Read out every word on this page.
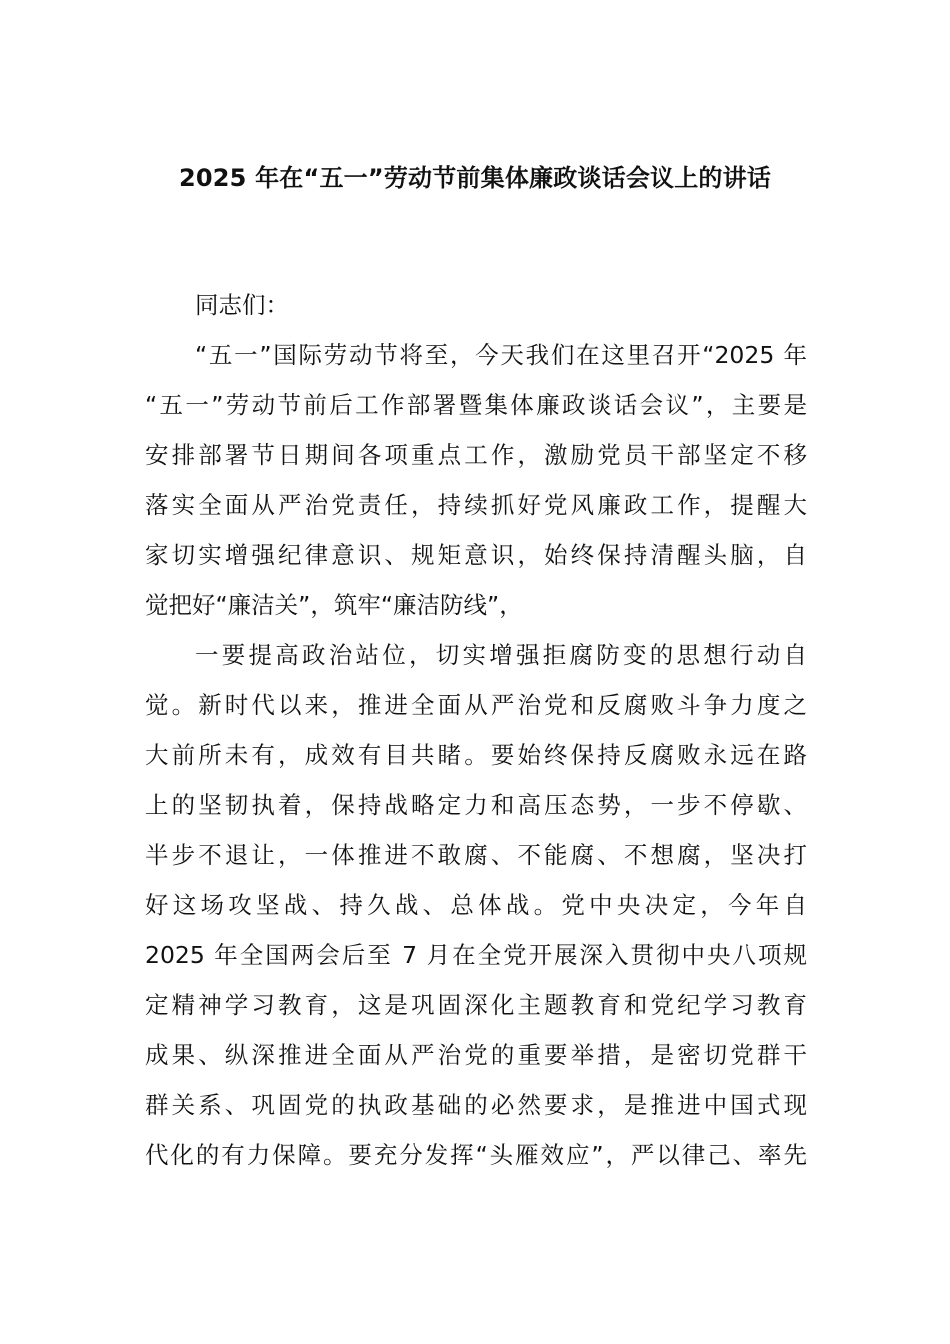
2025 年在“五一”劳动节前集体廉政谈话会议上的讲话
同志们：
“五一”国际劳动节将至，今天我们在这里召开“2025 年
“五一”劳动节前后工作部署暨集体廉政谈话会议”，主要是
安排部署节日期间各项重点工作，激励党员干部坚定不移
落实全面从严治党责任，持续抓好党风廉政工作，提醒大
家切实增强纪律意识、规矩意识，始终保持清醒头脑，自
觉把好“廉洁关”，筑牢“廉洁防线”，
一要提高政治站位，切实增强拒腐防变的思想行动自
觉。新时代以来，推进全面从严治党和反腐败斗争力度之
大前所未有，成效有目共睹。要始终保持反腐败永远在路
上的坚韧执着，保持战略定力和高压态势，一步不停歇、
半步不退让，一体推进不敢腐、不能腐、不想腐，坚决打
好这场攻坚战、持久战、总体战。党中央决定，今年自
2025 年全国两会后至 7 月在全党开展深入贯彻中央八项规
定精神学习教育，这是巩固深化主题教育和党纪学习教育
成果、纵深推进全面从严治党的重要举措，是密切党群干
群关系、巩固党的执政基础的必然要求，是推进中国式现
代化的有力保障。要充分发挥“头雁效应”，严以律己、率先
